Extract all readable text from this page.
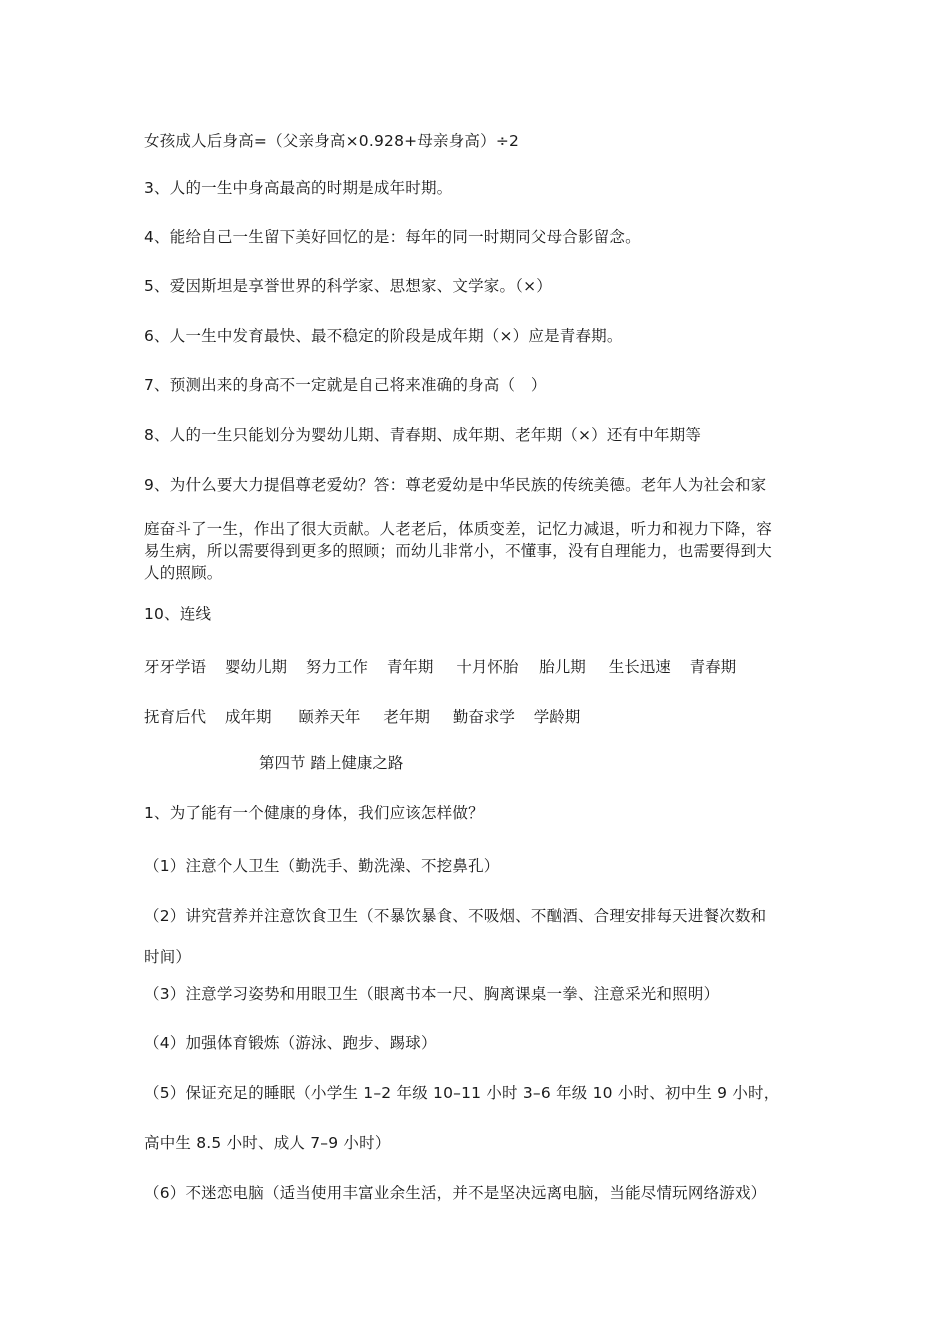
女孩成人后身高=（父亲身高×0.928+母亲身高）÷2
3、人的一生中身高最高的时期是成年时期。
4、能给自己一生留下美好回忆的是：每年的同一时期同父母合影留念。
5、爱因斯坦是享誉世界的科学家、思想家、文学家。（×）
6、人一生中发育最快、最不稳定的阶段是成年期（×）应是青春期。
7、预测出来的身高不一定就是自己将来准确的身高（　）
8、人的一生只能划分为婴幼儿期、青春期、成年期、老年期（×）还有中年期等
9、为什么要大力提倡尊老爱幼？答：尊老爱幼是中华民族的传统美德。老年人为社会和家
庭奋斗了一生，作出了很大贡献。人老老后，体质变差，记忆力减退，听力和视力下降，容
易生病，所以需要得到更多的照顾；而幼儿非常小，不懂事，没有自理能力，也需要得到大
人的照顾。
10、连线
牙牙学语 婴幼儿期 努力工作 青年期 十月怀胎 胎儿期 生长迅速 青春期
抚育后代 成年期 颐养天年 老年期 勤奋求学 学龄期
第四节 踏上健康之路
1、为了能有一个健康的身体，我们应该怎样做？
（1）注意个人卫生（勤洗手、勤洗澡、不挖鼻孔）
（2）讲究营养并注意饮食卫生（不暴饮暴食、不吸烟、不酗酒、合理安排每天进餐次数和
时间）
（3）注意学习姿势和用眼卫生（眼离书本一尺、胸离课桌一拳、注意采光和照明）
（4）加强体育锻炼（游泳、跑步、踢球）
（5）保证充足的睡眠（小学生 1–2 年级 10–11 小时 3–6 年级 10 小时、初中生 9 小时，
高中生 8.5 小时、成人 7–9 小时）
（6）不迷恋电脑（适当使用丰富业余生活，并不是坚决远离电脑，当能尽情玩网络游戏）
